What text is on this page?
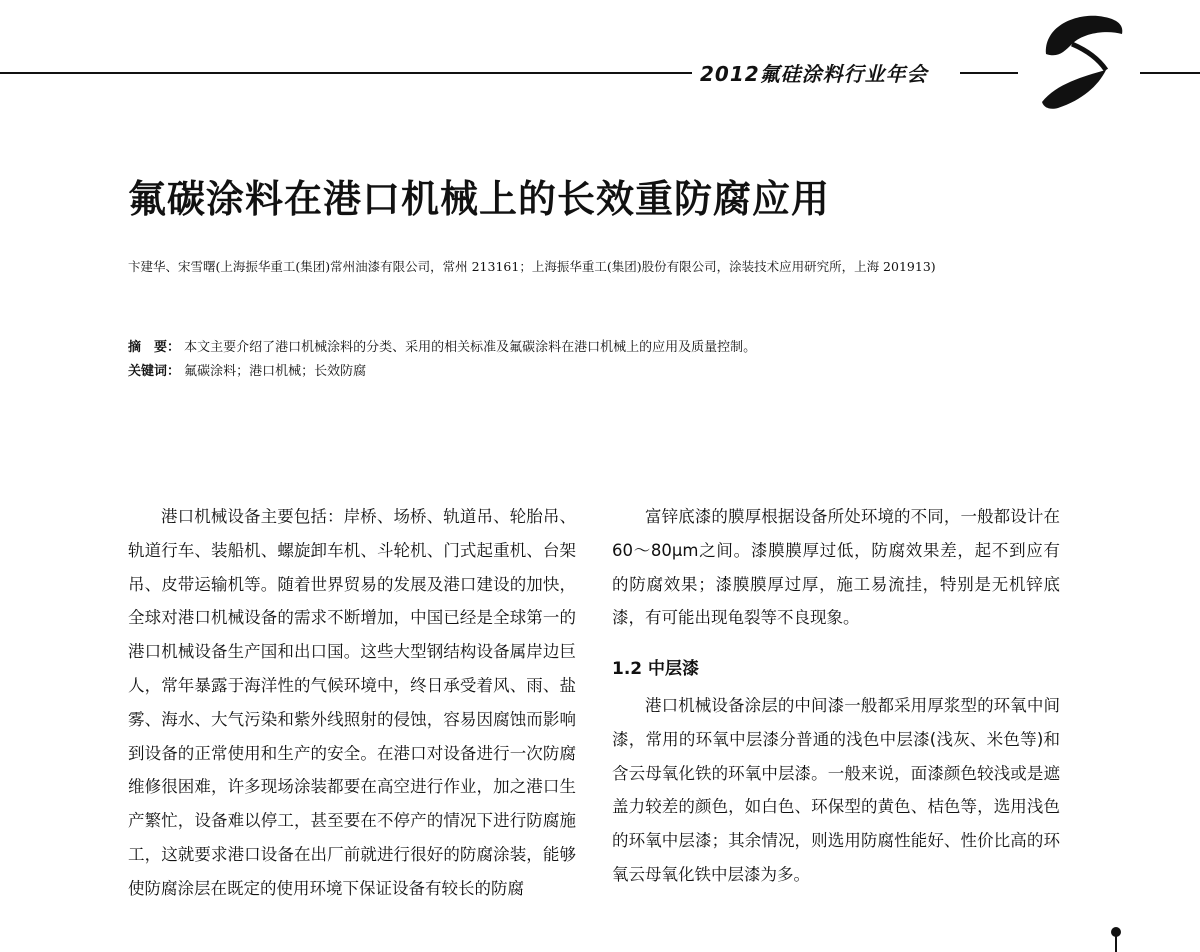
2012氟硅涂料行业年会
氟碳涂料在港口机械上的长效重防腐应用
卞建华、宋雪曙(上海振华重工(集团)常州油漆有限公司，常州 213161；上海振华重工(集团)股份有限公司，涂装技术应用研究所，上海 201913)
摘　要： 本文主要介绍了港口机械涂料的分类、采用的相关标准及氟碳涂料在港口机械上的应用及质量控制。
关键词： 氟碳涂料；港口机械；长效防腐

港口机械设备主要包括：岸桥、场桥、轨道吊、轮胎吊、轨道行车、装船机、螺旋卸车机、斗轮机、门式起重机、台架吊、皮带运输机等。随着世界贸易的发展及港口建设的加快，全球对港口机械设备的需求不断增加，中国已经是全球第一的港口机械设备生产国和出口国。这些大型钢结构设备属岸边巨人，常年暴露于海洋性的气候环境中，终日承受着风、雨、盐雾、海水、大气污染和紫外线照射的侵蚀，容易因腐蚀而影响到设备的正常使用和生产的安全。在港口对设备进行一次防腐维修很困难，许多现场涂装都要在高空进行作业，加之港口生产繁忙，设备难以停工，甚至要在不停产的情况下进行防腐施工，这就要求港口设备在出厂前就进行很好的防腐涂装，能够使防腐涂层在既定的使用环境下保证设备有较长的防腐

富锌底漆的膜厚根据设备所处环境的不同，一般都设计在60～80μm之间。漆膜膜厚过低，防腐效果差，起不到应有的防腐效果；漆膜膜厚过厚，施工易流挂，特别是无机锌底漆，有可能出现龟裂等不良现象。

1.2 中层漆

港口机械设备涂层的中间漆一般都采用厚浆型的环氧中间漆，常用的环氧中层漆分普通的浅色中层漆(浅灰、米色等)和含云母氧化铁的环氧中层漆。一般来说，面漆颜色较浅或是遮盖力较差的颜色，如白色、环保型的黄色、桔色等，选用浅色的环氧中层漆；其余情况，则选用防腐性能好、性价比高的环氧云母氧化铁中层漆为多。
